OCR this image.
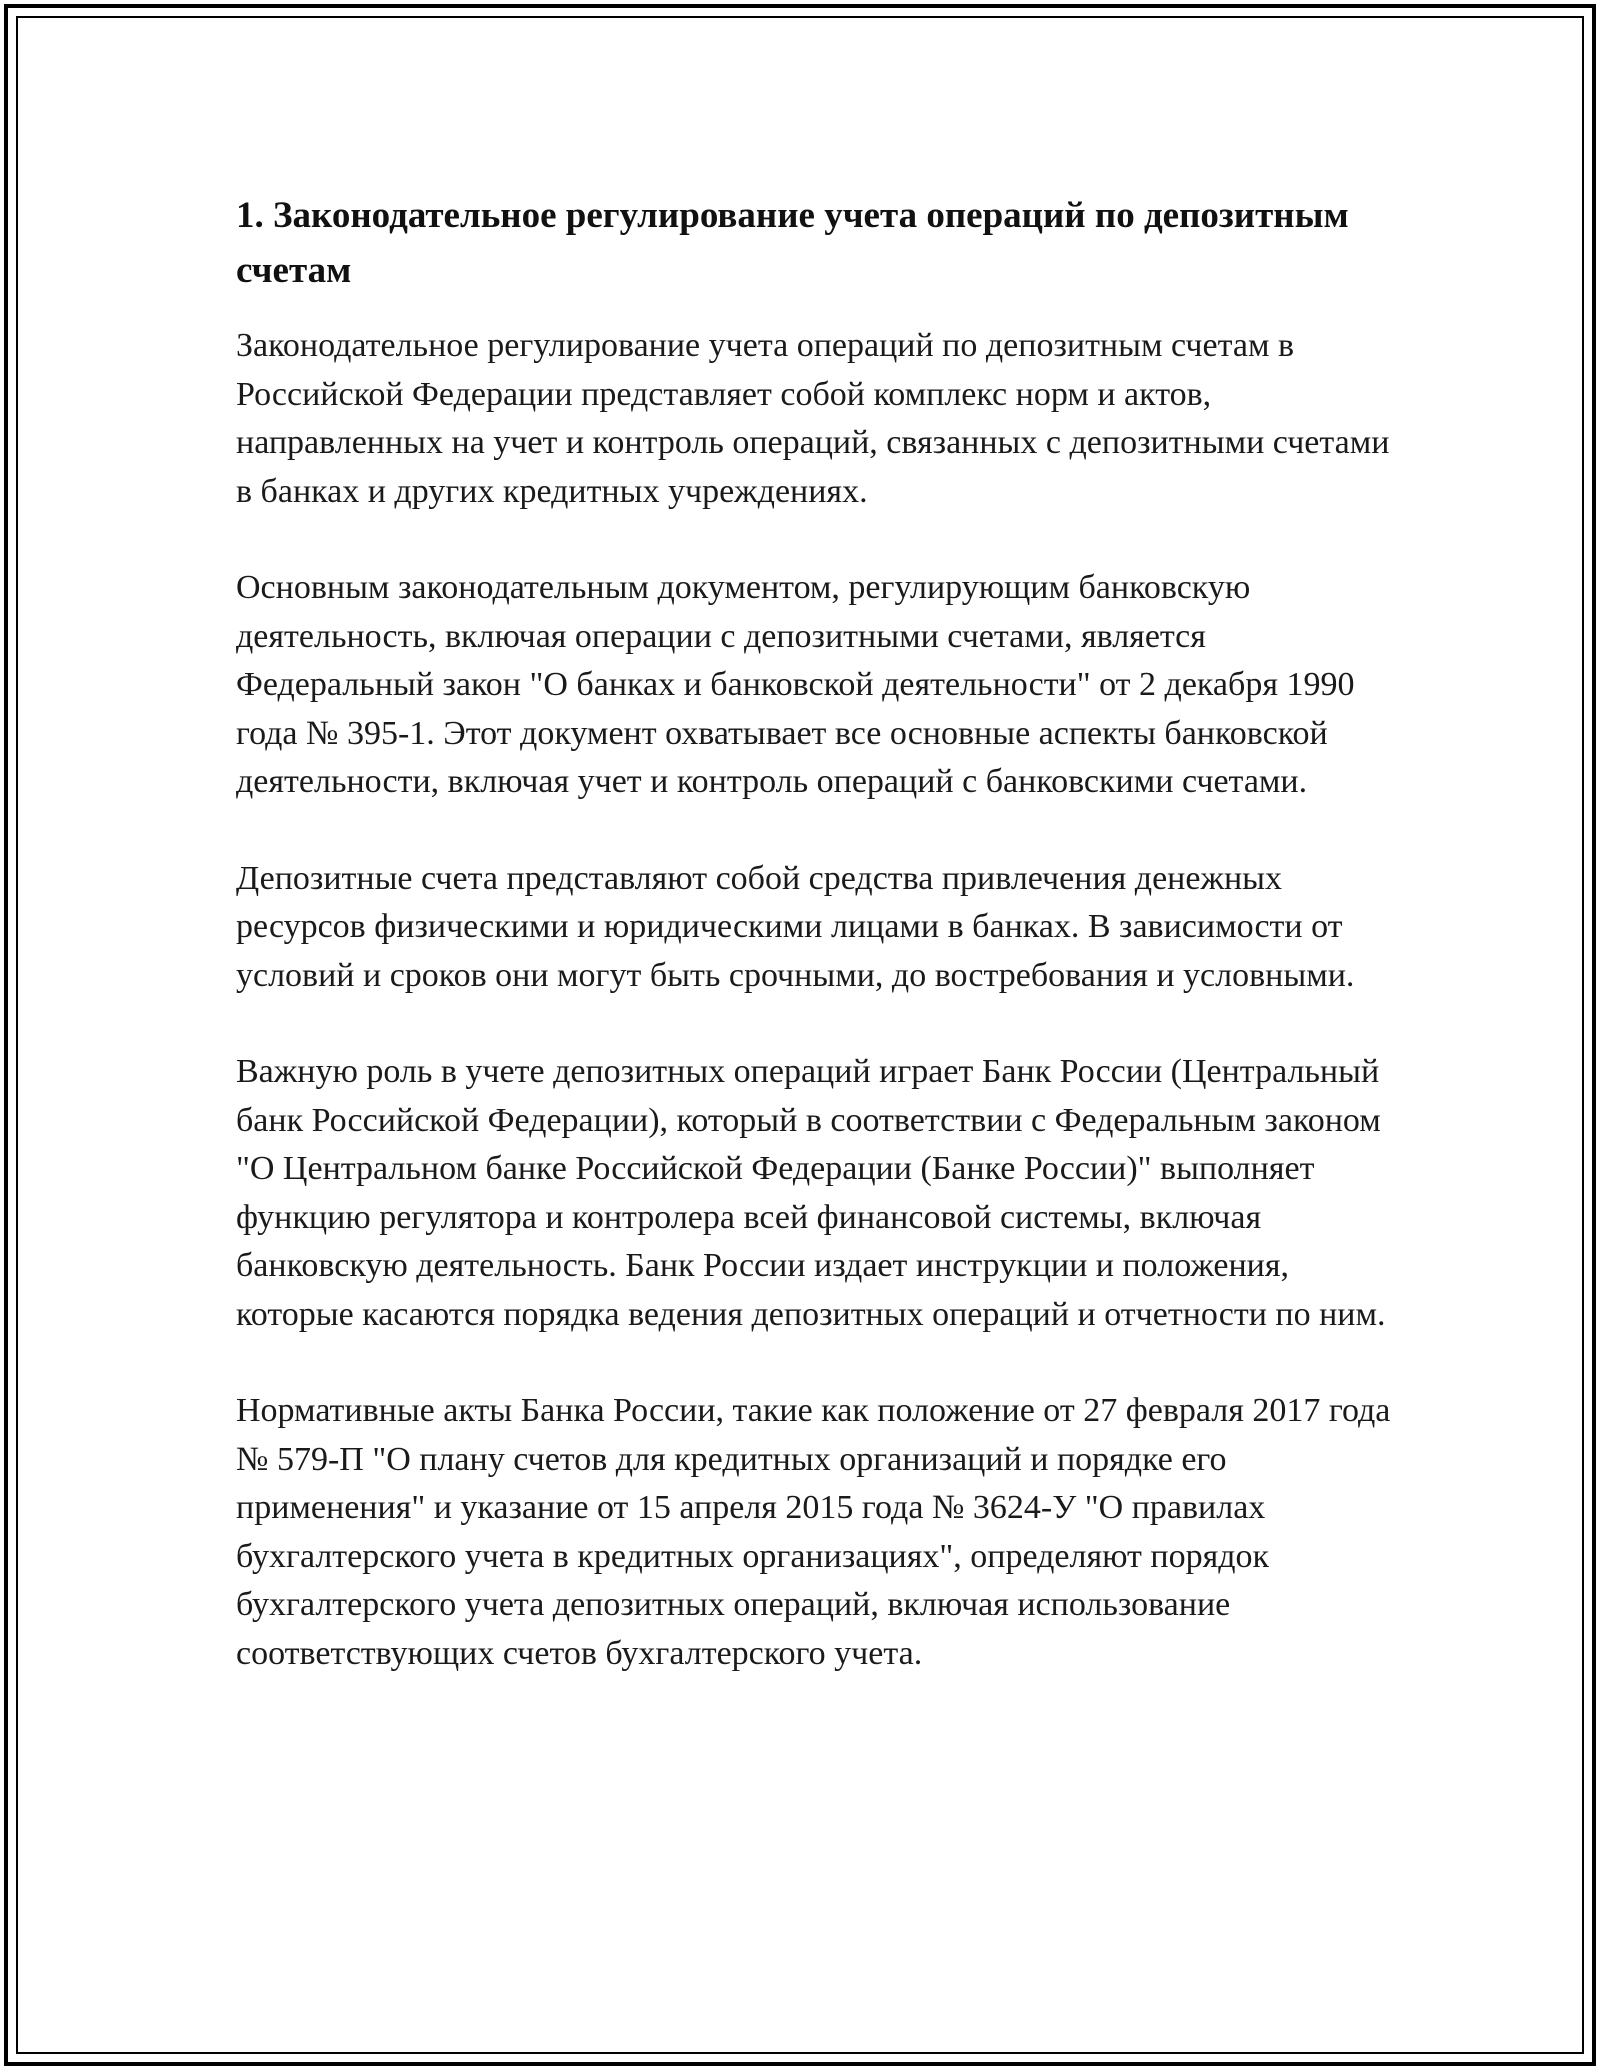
1. Законодательное регулирование учета операций по депозитным счетам

Законодательное регулирование учета операций по депозитным счетам в Российской Федерации представляет собой комплекс норм и актов, направленных на учет и контроль операций, связанных с депозитными счетами в банках и других кредитных учреждениях.

Основным законодательным документом, регулирующим банковскую деятельность, включая операции с депозитными счетами, является Федеральный закон "О банках и банковской деятельности" от 2 декабря 1990 года № 395-1. Этот документ охватывает все основные аспекты банковской деятельности, включая учет и контроль операций с банковскими счетами.

Депозитные счета представляют собой средства привлечения денежных ресурсов физическими и юридическими лицами в банках. В зависимости от условий и сроков они могут быть срочными, до востребования и условными.

Важную роль в учете депозитных операций играет Банк России (Центральный банк Российской Федерации), который в соответствии с Федеральным законом "О Центральном банке Российской Федерации (Банке России)" выполняет функцию регулятора и контролера всей финансовой системы, включая банковскую деятельность. Банк России издает инструкции и положения, которые касаются порядка ведения депозитных операций и отчетности по ним.

Нормативные акты Банка России, такие как положение от 27 февраля 2017 года № 579-П "О плану счетов для кредитных организаций и порядке его применения" и указание от 15 апреля 2015 года № 3624-У "О правилах бухгалтерского учета в кредитных организациях", определяют порядок бухгалтерского учета депозитных операций, включая использование соответствующих счетов бухгалтерского учета.
